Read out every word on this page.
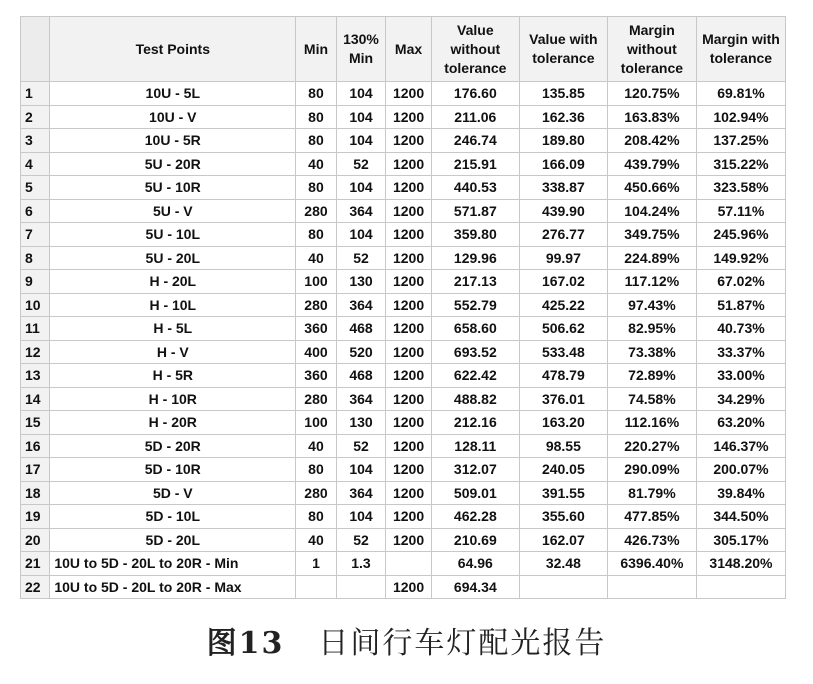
	Test Points	Min	130% Min	Max	Value without tolerance	Value with tolerance	Margin without tolerance	Margin with tolerance
1	10U - 5L	80	104	1200	176.60	135.85	120.75%	69.81%
2	10U - V	80	104	1200	211.06	162.36	163.83%	102.94%
3	10U - 5R	80	104	1200	246.74	189.80	208.42%	137.25%
4	5U - 20R	40	52	1200	215.91	166.09	439.79%	315.22%
5	5U - 10R	80	104	1200	440.53	338.87	450.66%	323.58%
6	5U - V	280	364	1200	571.87	439.90	104.24%	57.11%
7	5U - 10L	80	104	1200	359.80	276.77	349.75%	245.96%
8	5U - 20L	40	52	1200	129.96	99.97	224.89%	149.92%
9	H - 20L	100	130	1200	217.13	167.02	117.12%	67.02%
10	H - 10L	280	364	1200	552.79	425.22	97.43%	51.87%
11	H - 5L	360	468	1200	658.60	506.62	82.95%	40.73%
12	H - V	400	520	1200	693.52	533.48	73.38%	33.37%
13	H - 5R	360	468	1200	622.42	478.79	72.89%	33.00%
14	H - 10R	280	364	1200	488.82	376.01	74.58%	34.29%
15	H - 20R	100	130	1200	212.16	163.20	112.16%	63.20%
16	5D - 20R	40	52	1200	128.11	98.55	220.27%	146.37%
17	5D - 10R	80	104	1200	312.07	240.05	290.09%	200.07%
18	5D - V	280	364	1200	509.01	391.55	81.79%	39.84%
19	5D - 10L	80	104	1200	462.28	355.60	477.85%	344.50%
20	5D - 20L	40	52	1200	210.69	162.07	426.73%	305.17%
21	10U to 5D - 20L to 20R - Min	1	1.3		64.96	32.48	6396.40%	3148.20%
22	10U to 5D - 20L to 20R - Max			1200	694.34			
图13 日间行车灯配光报告
